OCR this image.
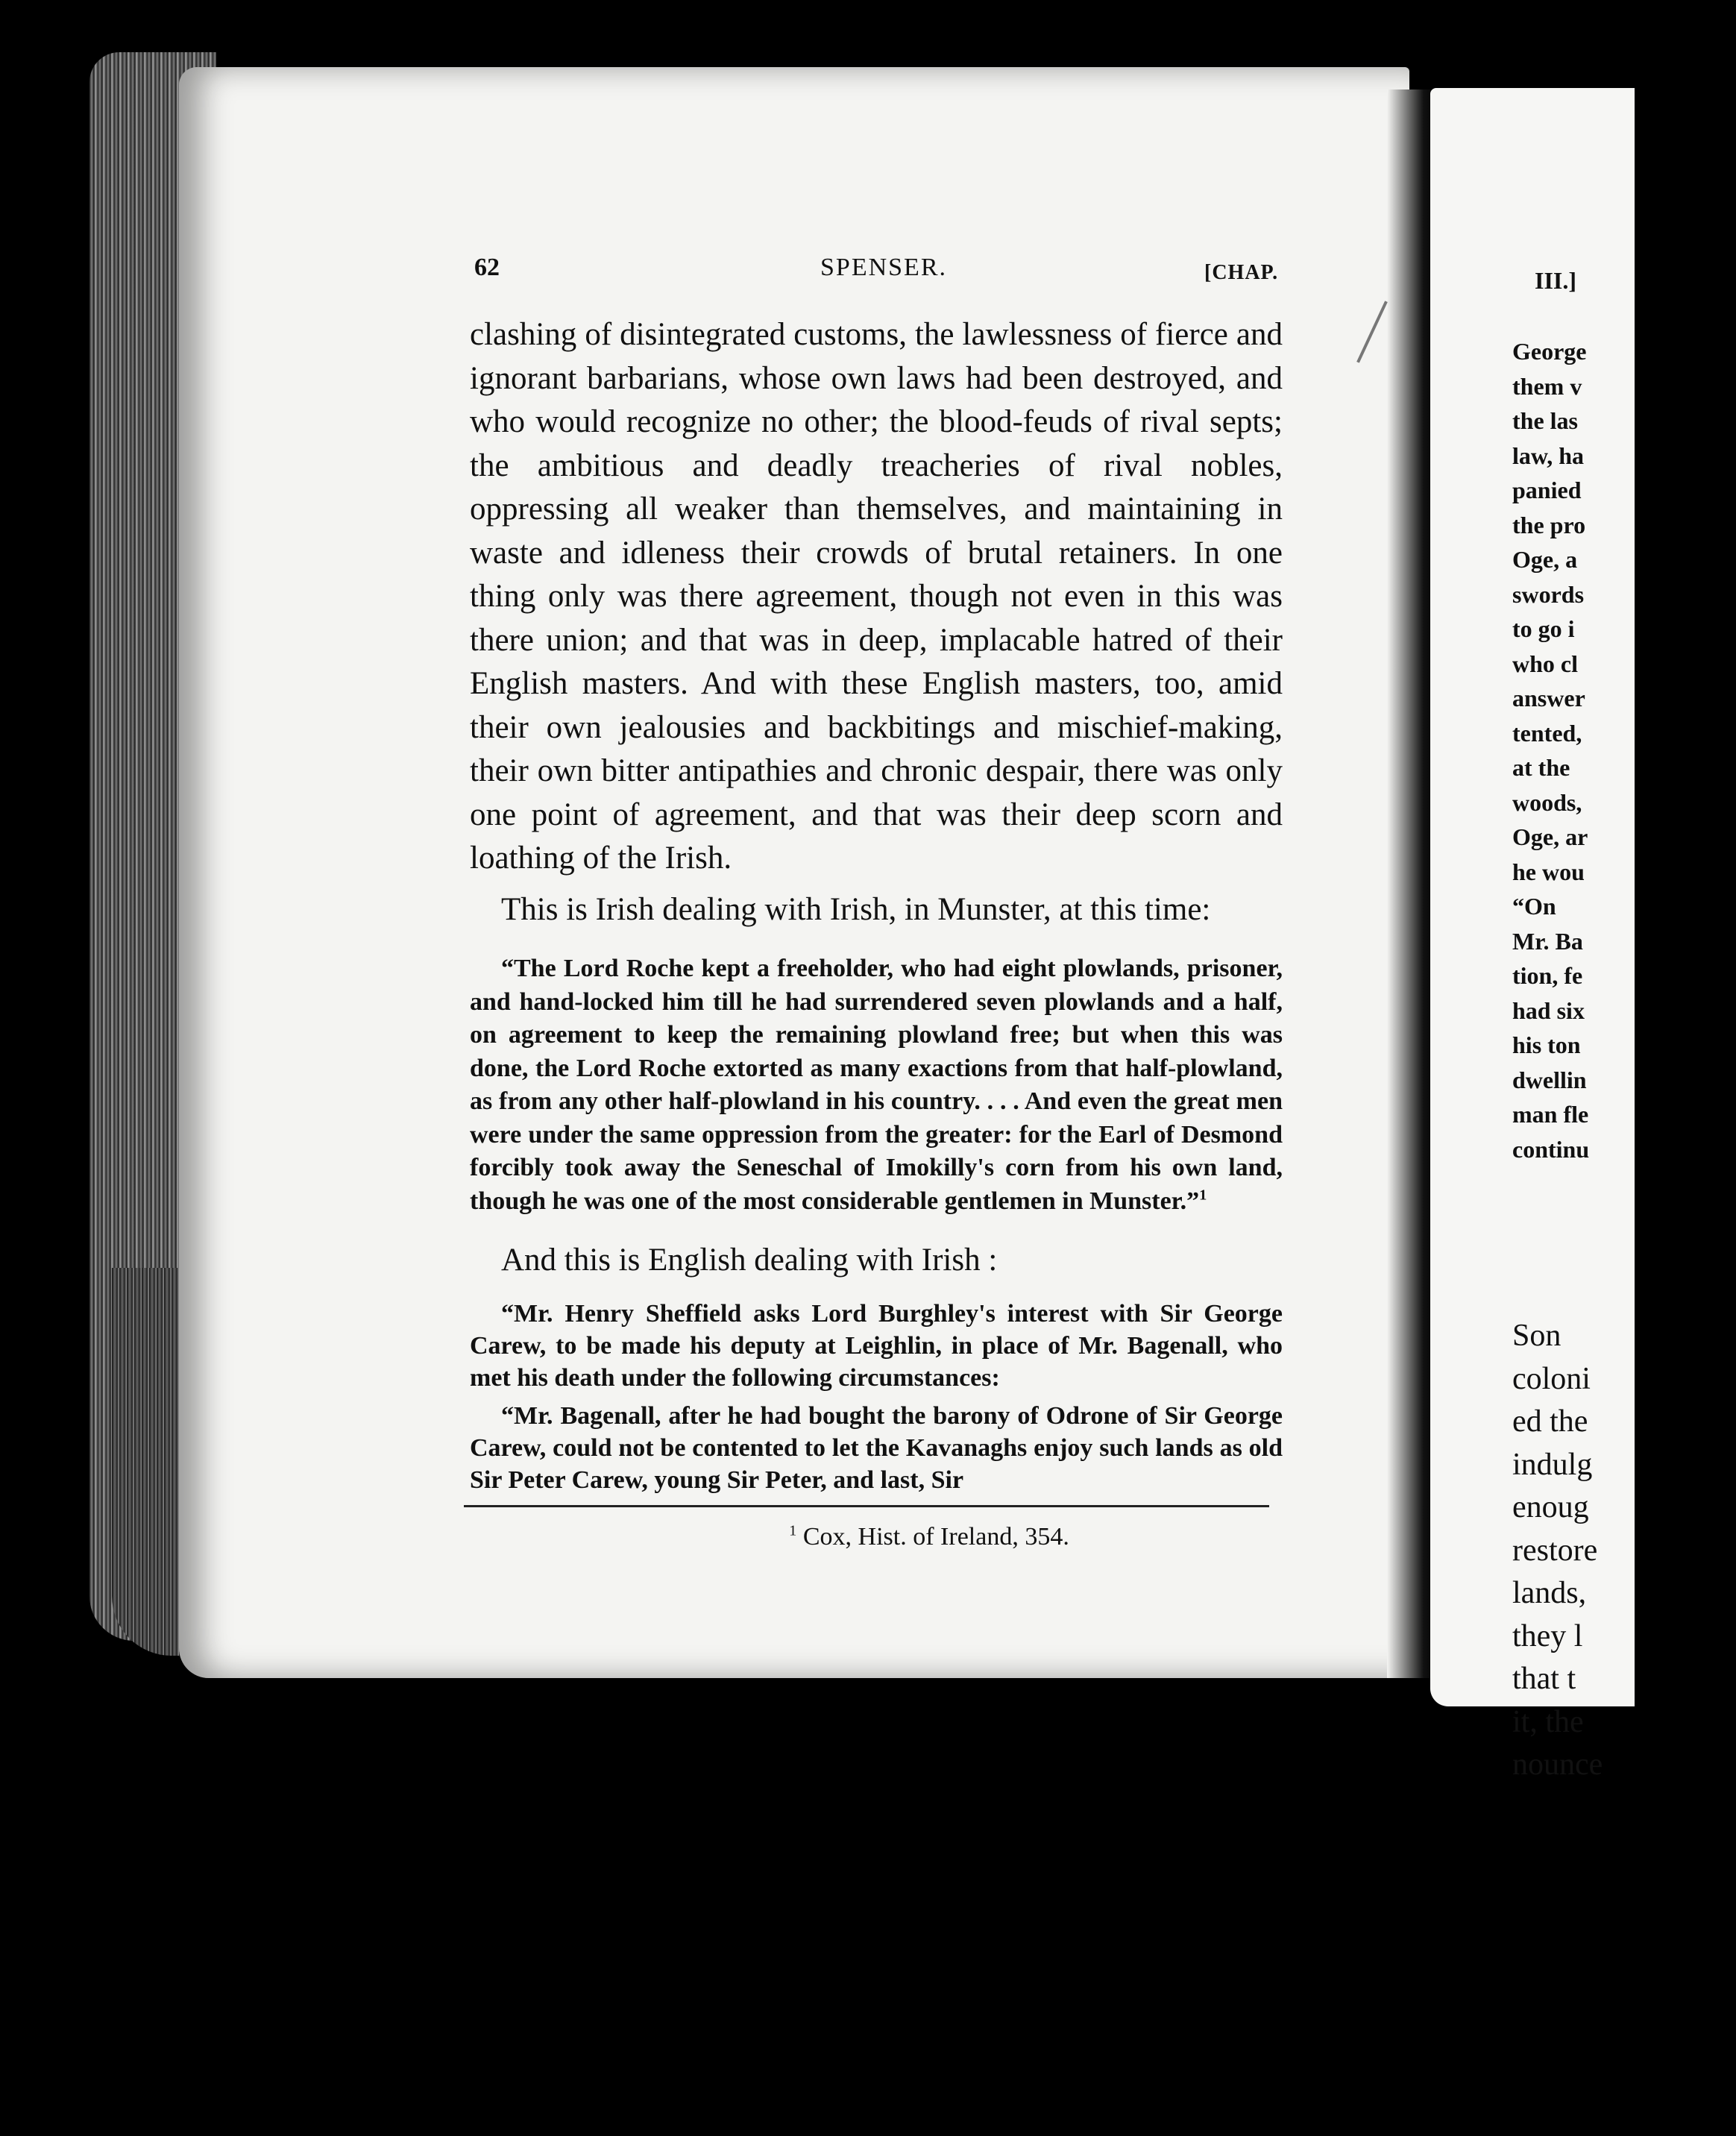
62	SPENSER.	[CHAP.

clashing of disintegrated customs, the lawlessness of fierce and ignorant barbarians, whose own laws had been destroyed, and who would recognize no other; the blood-feuds of rival septs; the ambitious and deadly treacheries of rival nobles, oppressing all weaker than themselves, and maintaining in waste and idleness their crowds of brutal retainers. In one thing only was there agreement, though not even in this was there union; and that was in deep, implacable hatred of their English masters. And with these English masters, too, amid their own jealousies and backbitings and mischief-making, their own bitter antipathies and chronic despair, there was only one point of agreement, and that was their deep scorn and loathing of the Irish.

This is Irish dealing with Irish, in Munster, at this time:

“The Lord Roche kept a freeholder, who had eight plowlands, prisoner, and hand-locked him till he had surrendered seven plowlands and a half, on agreement to keep the remaining plowland free; but when this was done, the Lord Roche extorted as many exactions from that half-plowland, as from any other half-plowland in his country. . . . And even the great men were under the same oppression from the greater: for the Earl of Desmond forcibly took away the Seneschal of Imokilly's corn from his own land, though he was one of the most considerable gentlemen in Munster.”$^1$

And this is English dealing with Irish :

“Mr. Henry Sheffield asks Lord Burghley's interest with Sir George Carew, to be made his deputy at Leighlin, in place of Mr. Bagenall, who met his death under the following circumstances:

“Mr. Bagenall, after he had bought the barony of Odrone of Sir George Carew, could not be contented to let the Kavanaghs enjoy such lands as old Sir Peter Carew, young Sir Peter, and last, Sir

$^1$ Cox, Hist. of Ireland, 354.
III.]
George
them v
the las
law, ha
panied
the pro
Oge, a
swords
to go i
who cl
answer
tented,
at the
woods,
Oge, ar
he wou
“On
Mr. Ba
tion, fe
had six
his ton
dwellin
man fle
continu
Son
coloni
ed the
indulg
enoug
restore
lands,
they l
that t
it, the
nounce
